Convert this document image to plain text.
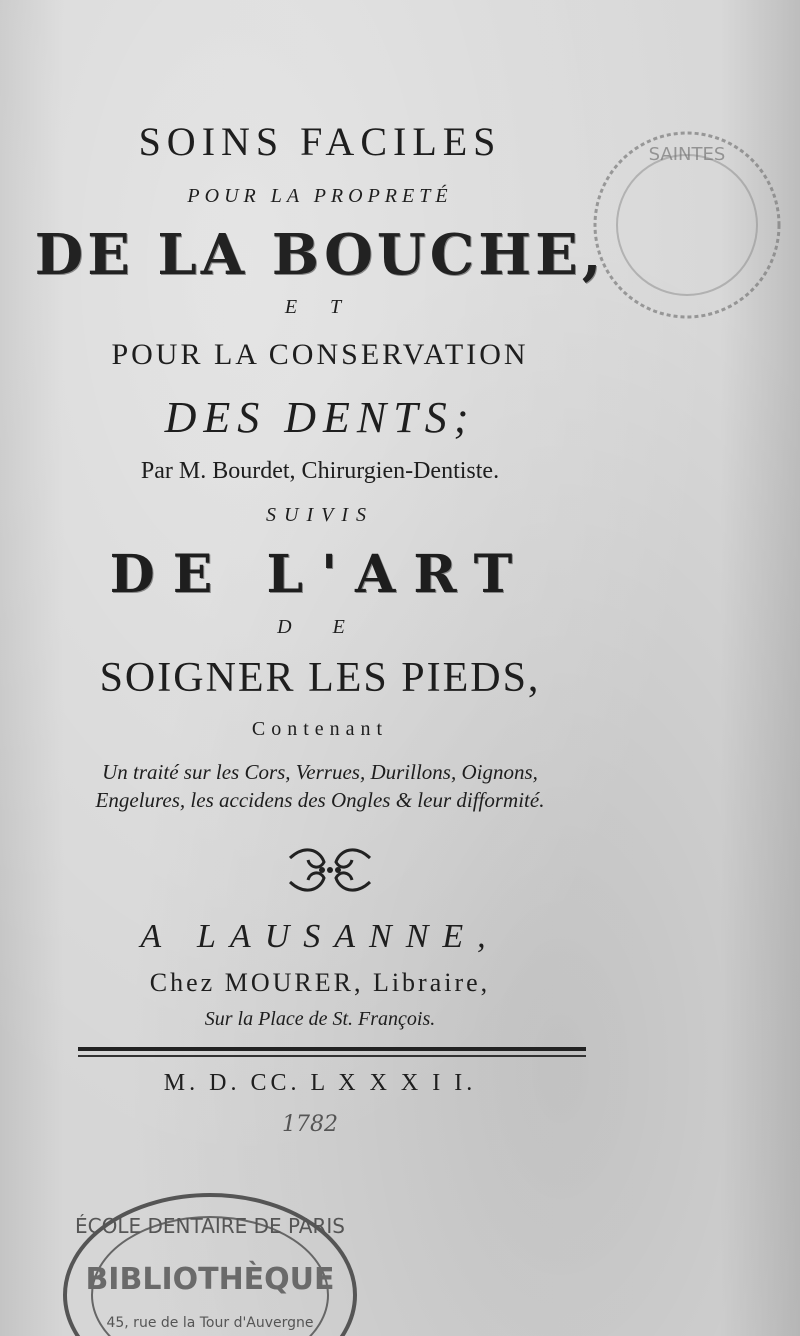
SAINTES

SOINS FACILES

POUR LA PROPRETÉ

DE LA BOUCHE,

E T

POUR LA CONSERVATION

DES DENTS;

Par M. Bourdet, Chirurgien-Dentiste.

SUIVIS

DE L'ART

D E

SOIGNER LES PIEDS,

Contenant

Un traité sur les Cors, Verrues, Durillons, Oignons,

Engelures, les accidens des Ongles & leur difformité.

A LAUSANNE,

Chez MOURER, Libraire,

Sur la Place de St. François.

M. D. CC. L X X X I I.

1782

ÉCOLE DENTAIRE DE PARIS
BIBLIOTHÈQUE
45, rue de la Tour d'Auvergne
